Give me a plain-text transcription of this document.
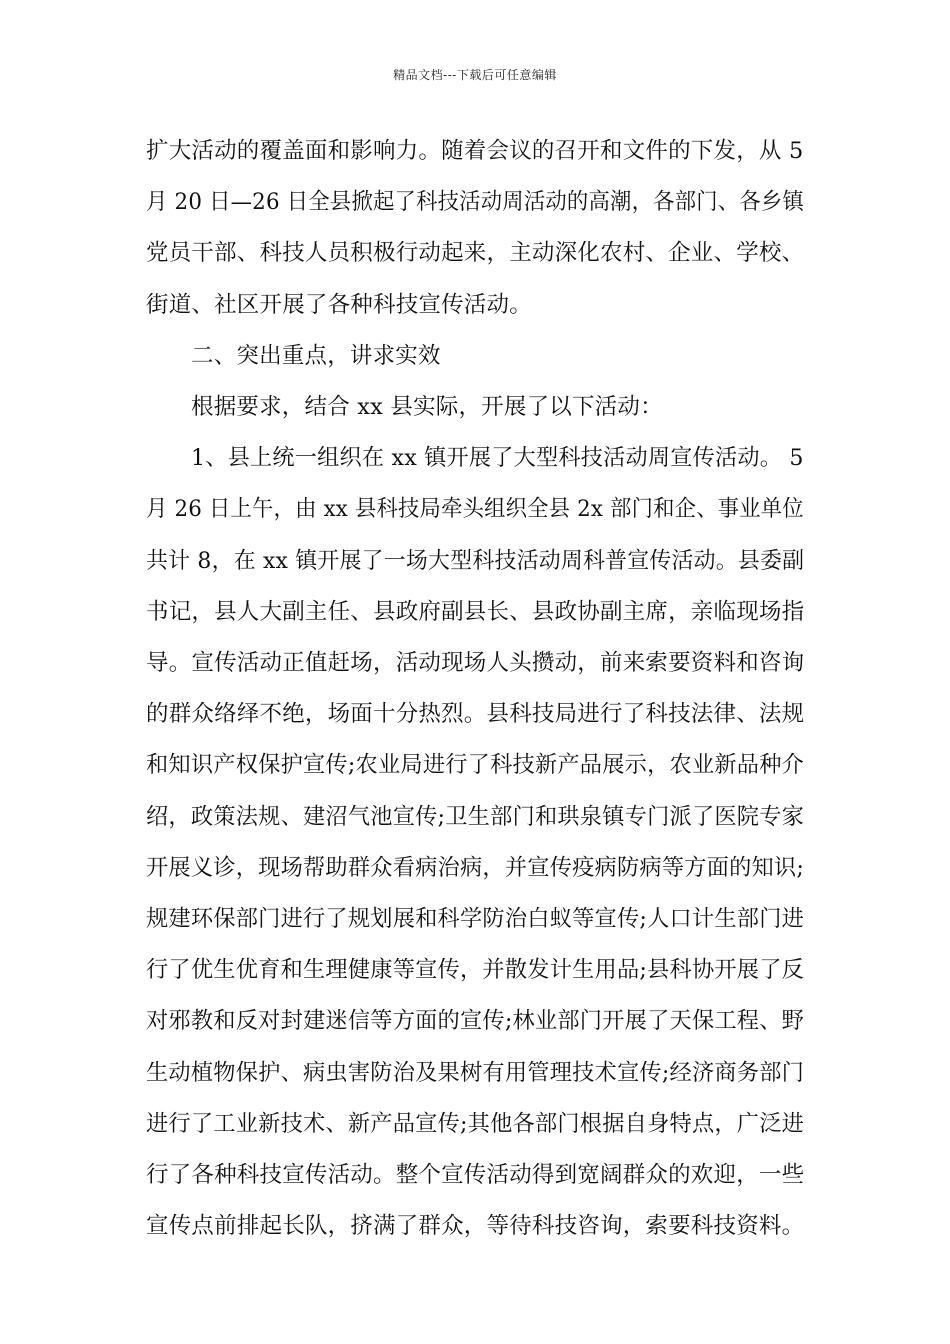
精品文档---下载后可任意编辑
扩大活动的覆盖面和影响力。随着会议的召开和文件的下发，从 5
月 20 日—26 日全县掀起了科技活动周活动的高潮，各部门、各乡镇
党员干部、科技人员积极行动起来，主动深化农村、企业、学校、
街道、社区开展了各种科技宣传活动。
二、突出重点，讲求实效
根据要求，结合 xx 县实际，开展了以下活动：
1、县上统一组织在 xx 镇开展了大型科技活动周宣传活动。 5
月 26 日上午，由 xx 县科技局牵头组织全县 2x 部门和企、事业单位
共计 8，在 xx 镇开展了一场大型科技活动周科普宣传活动。县委副
书记，县人大副主任、县政府副县长、县政协副主席，亲临现场指
导。宣传活动正值赶场，活动现场人头攒动，前来索要资料和咨询
的群众络绎不绝，场面十分热烈。县科技局进行了科技法律、法规
和知识产权保护宣传;农业局进行了科技新产品展示，农业新品种介
绍，政策法规、建沼气池宣传;卫生部门和珙泉镇专门派了医院专家
开展义诊，现场帮助群众看病治病，并宣传疫病防病等方面的知识;
规建环保部门进行了规划展和科学防治白蚁等宣传;人口计生部门进
行了优生优育和生理健康等宣传，并散发计生用品;县科协开展了反
对邪教和反对封建迷信等方面的宣传;林业部门开展了天保工程、野
生动植物保护、病虫害防治及果树有用管理技术宣传;经济商务部门
进行了工业新技术、新产品宣传;其他各部门根据自身特点，广泛进
行了各种科技宣传活动。整个宣传活动得到宽阔群众的欢迎，一些
宣传点前排起长队，挤满了群众，等待科技咨询，索要科技资料。
